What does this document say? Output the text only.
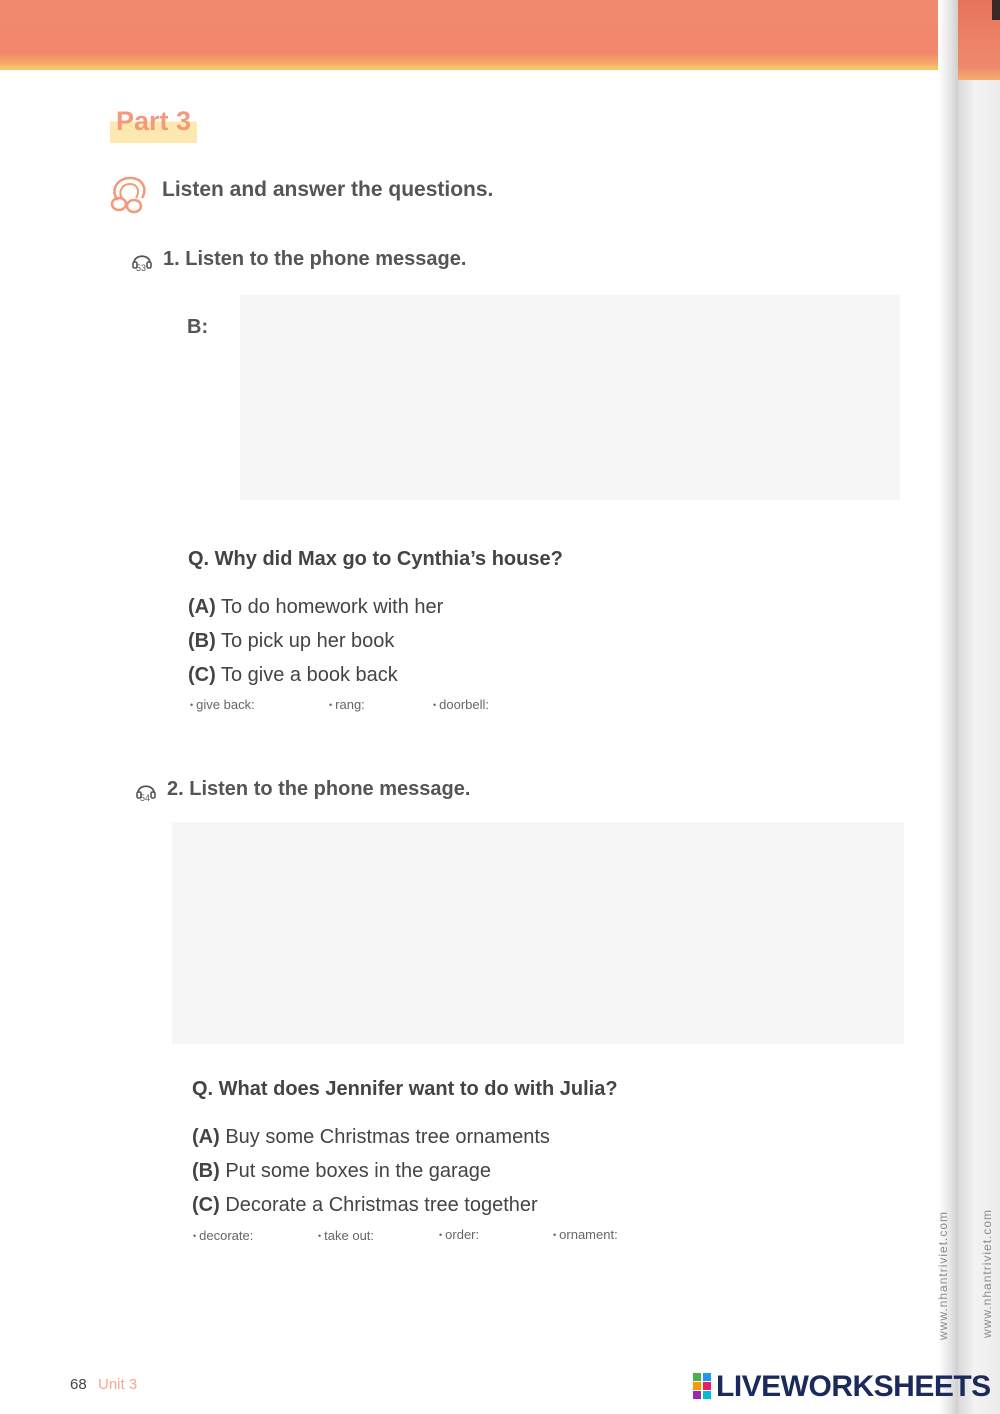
Part 3
Listen and answer the questions.
53 1. Listen to the phone message.
B:
Q. Why did Max go to Cynthia’s house?
(A) To do homework with her
(B) To pick up her book
(C) To give a book back
• give back:	• rang:	• doorbell:
54 2. Listen to the phone message.
Q. What does Jennifer want to do with Julia?
(A) Buy some Christmas tree ornaments
(B) Put some boxes in the garage
(C) Decorate a Christmas tree together
• decorate:	• take out:	• order:	• ornament:
68 Unit 3
www.nhantriviet.com	www.nhantriviet.com
LIVEWORKSHEETS
